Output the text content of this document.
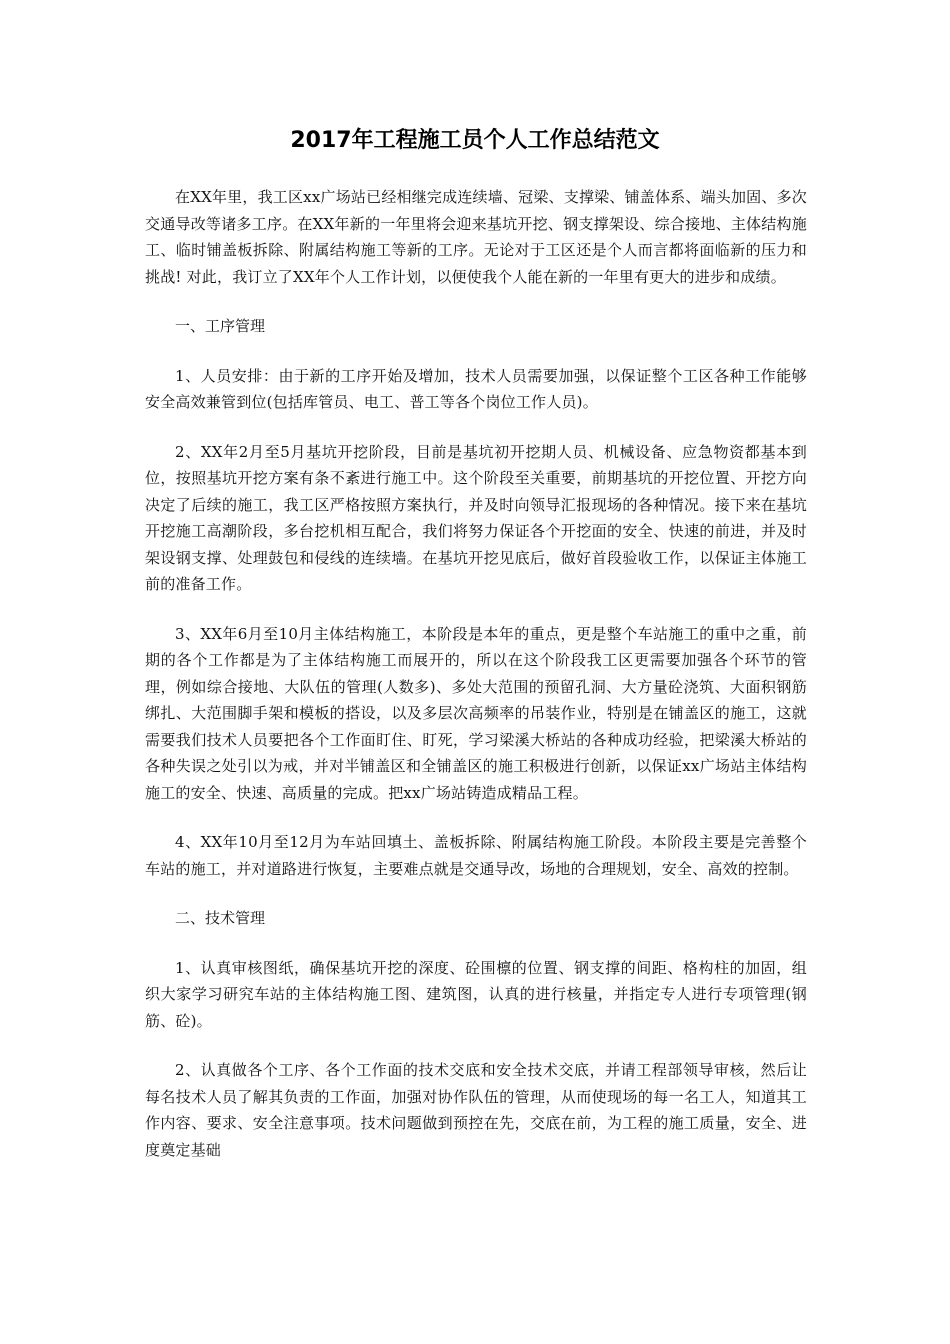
2017年工程施工员个人工作总结范文

在XX年里，我工区xx广场站已经相继完成连续墙、冠梁、支撑梁、铺盖体系、端头加固、多次交通导改等诸多工序。在XX年新的一年里将会迎来基坑开挖、钢支撑架设、综合接地、主体结构施工、临时铺盖板拆除、附属结构施工等新的工序。无论对于工区还是个人而言都将面临新的压力和挑战! 对此，我订立了XX年个人工作计划，以便使我个人能在新的一年里有更大的进步和成绩。

一、工序管理

1、人员安排：由于新的工序开始及增加，技术人员需要加强，以保证整个工区各种工作能够安全高效兼管到位(包括库管员、电工、普工等各个岗位工作人员)。

2、XX年2月至5月基坑开挖阶段，目前是基坑初开挖期人员、机械设备、应急物资都基本到位，按照基坑开挖方案有条不紊进行施工中。这个阶段至关重要，前期基坑的开挖位置、开挖方向决定了后续的施工，我工区严格按照方案执行，并及时向领导汇报现场的各种情况。接下来在基坑开挖施工高潮阶段，多台挖机相互配合，我们将努力保证各个开挖面的安全、快速的前进，并及时架设钢支撑、处理鼓包和侵线的连续墙。在基坑开挖见底后，做好首段验收工作，以保证主体施工前的准备工作。

3、XX年6月至10月主体结构施工，本阶段是本年的重点，更是整个车站施工的重中之重，前期的各个工作都是为了主体结构施工而展开的，所以在这个阶段我工区更需要加强各个环节的管理，例如综合接地、大队伍的管理(人数多)、多处大范围的预留孔洞、大方量砼浇筑、大面积钢筋绑扎、大范围脚手架和模板的搭设，以及多层次高频率的吊装作业，特别是在铺盖区的施工，这就需要我们技术人员要把各个工作面盯住、盯死，学习梁溪大桥站的各种成功经验，把梁溪大桥站的各种失误之处引以为戒，并对半铺盖区和全铺盖区的施工积极进行创新，以保证xx广场站主体结构施工的安全、快速、高质量的完成。把xx广场站铸造成精品工程。

4、XX年10月至12月为车站回填土、盖板拆除、附属结构施工阶段。本阶段主要是完善整个车站的施工，并对道路进行恢复，主要难点就是交通导改，场地的合理规划，安全、高效的控制。

二、技术管理

1、认真审核图纸，确保基坑开挖的深度、砼围檩的位置、钢支撑的间距、格构柱的加固，组织大家学习研究车站的主体结构施工图、建筑图，认真的进行核量，并指定专人进行专项管理(钢筋、砼)。

2、认真做各个工序、各个工作面的技术交底和安全技术交底，并请工程部领导审核，然后让每名技术人员了解其负责的工作面，加强对协作队伍的管理，从而使现场的每一名工人，知道其工作内容、要求、安全注意事项。技术问题做到预控在先，交底在前，为工程的施工质量，安全、进度奠定基础
